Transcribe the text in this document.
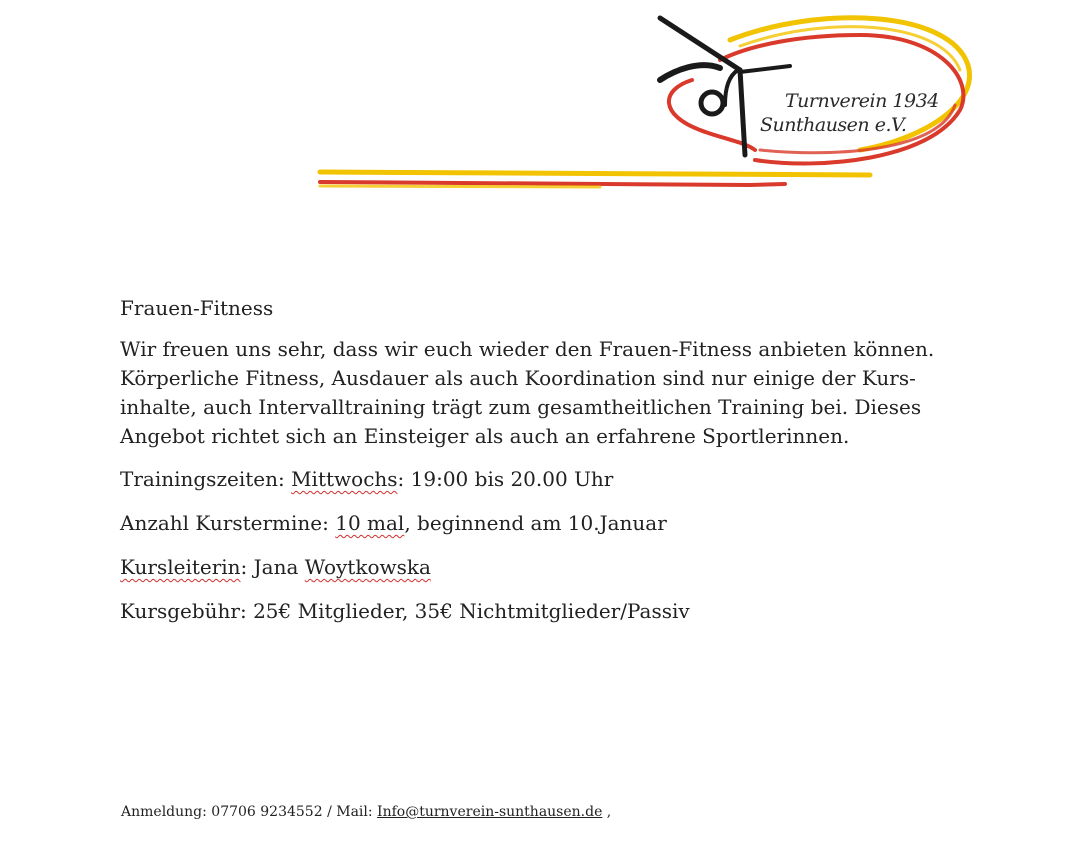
Turnverein 1934
Sunthausen e.V.
Frauen-Fitness
Wir freuen uns sehr, dass wir euch wieder den Frauen-Fitness anbieten können.
Körperliche Fitness, Ausdauer als auch Koordination sind nur einige der Kurs-
inhalte, auch Intervalltraining trägt zum gesamtheitlichen Training bei. Dieses
Angebot richtet sich an Einsteiger als auch an erfahrene Sportlerinnen.
Trainingszeiten: Mittwochs: 19:00 bis 20.00 Uhr
Anzahl Kurstermine: 10 mal, beginnend am 10.Januar
Kursleiterin: Jana Woytkowska
Kursgebühr: 25€ Mitglieder, 35€ Nichtmitglieder/Passiv
Anmeldung: 07706 9234552 / Mail: Info@turnverein-sunthausen.de ,
